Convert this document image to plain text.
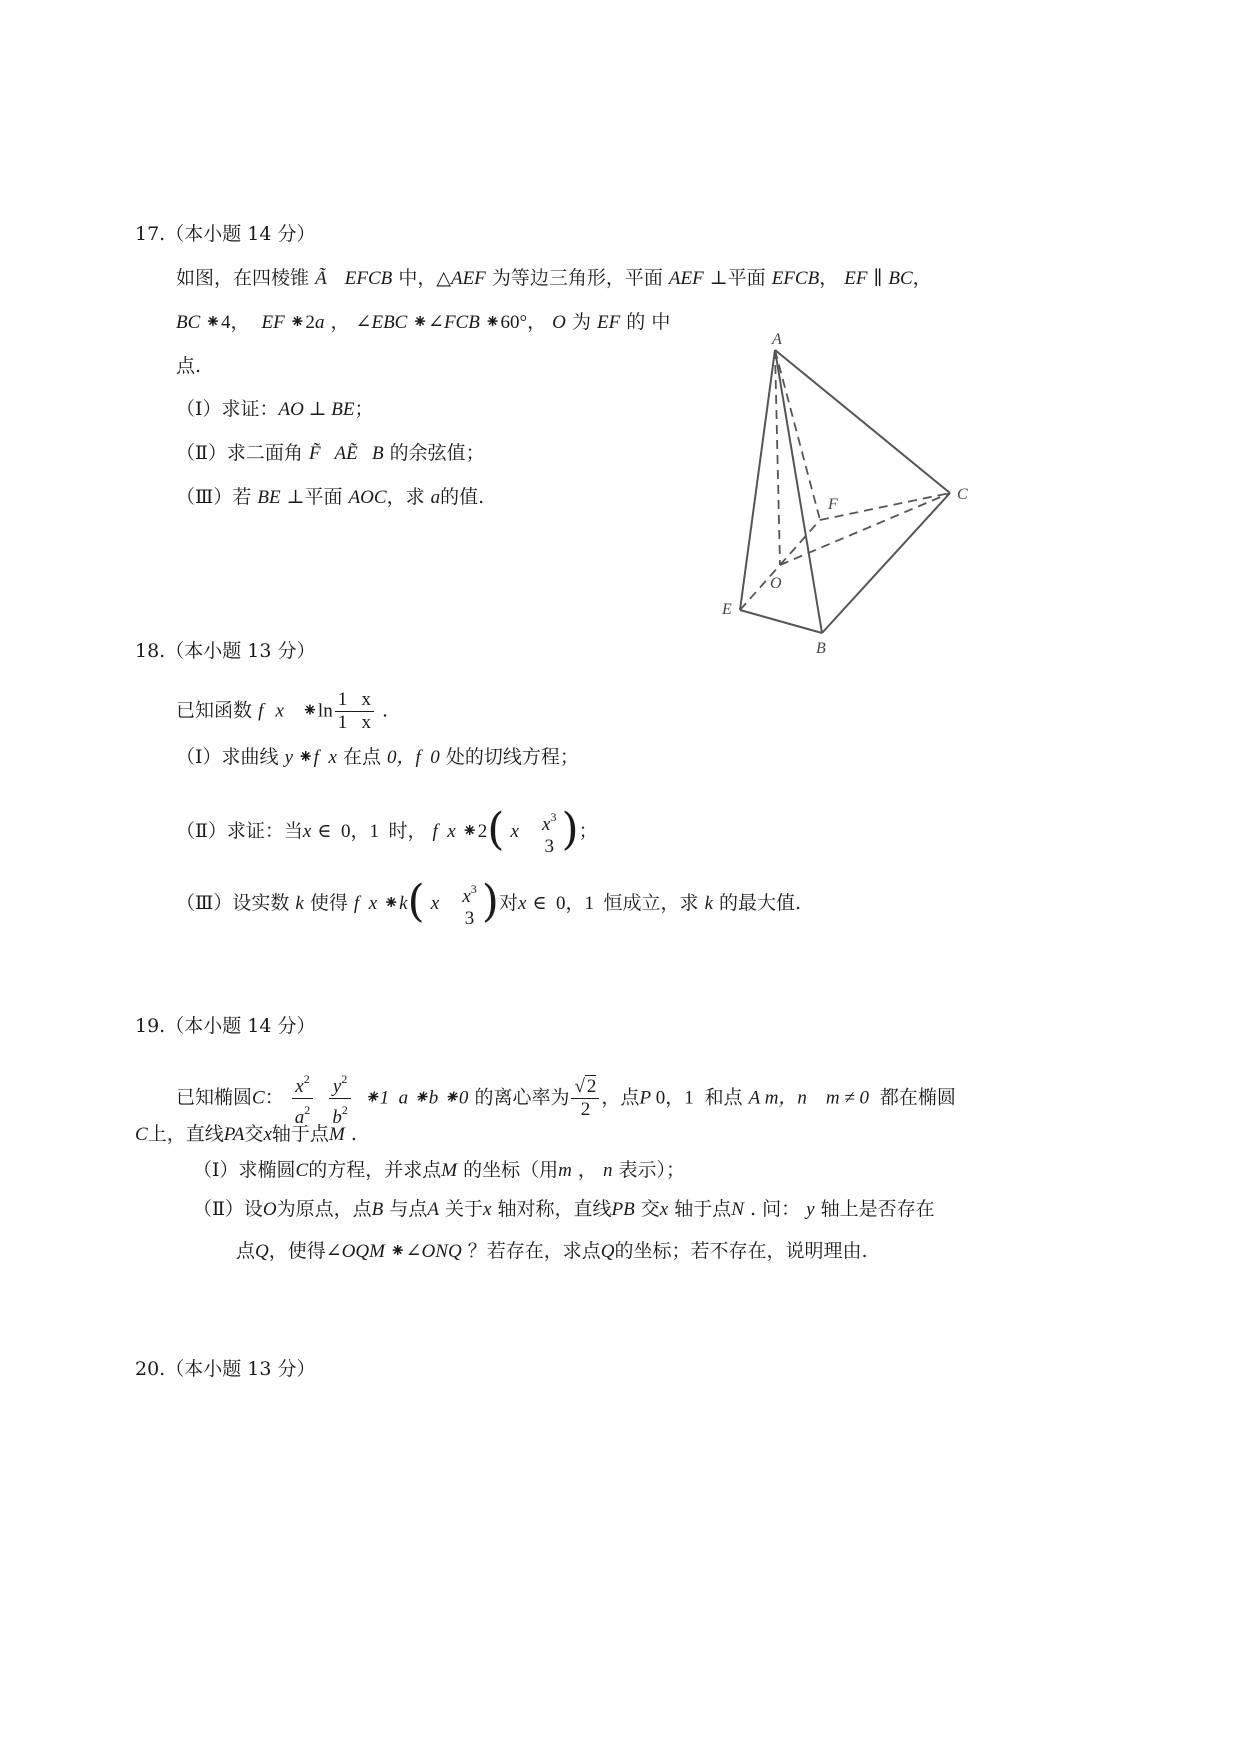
17.（本小题 14 分）
如图，在四棱锥 Ã EFCB 中，△AEF 为等边三角形，平面 AEF ⊥平面 EFCB， EF ∥ BC，
BC ⁕4， EF ⁕2a ， ∠EBC ⁕∠FCB ⁕60°， O 为 EF 的 中
点.
（Ⅰ）求证：AO ⊥ BE；
（Ⅱ）求二面角 F̃   AẼ   B 的余弦值；
（Ⅲ）若 BE ⊥平面 AOC，求 a的值.
A
C
F
O
E
B
18.（本小题 13 分）
已知函数 f x ⁕ln $\frac{1 x}{1 x}$ .
（Ⅰ）求曲线 y ⁕f  x 在点 0，f  0 处的切线方程；
（Ⅱ）求证：当x ∈  0，1  时， f  x ⁕2( x $x^3$
3 )；
（Ⅲ）设实数 k 使得 f  x ⁕k( x $x^3$
3 )对x ∈  0，1  恒成立，求 k 的最大值.
19.（本小题 14 分）
已知椭圆C： $\frac{x^2}{a^2}$
$\frac{y^2}{b^2}$ ⁕1  a ⁕b ⁕0 的离心率为 $\frac{√ 2}{2}$ ，点P 0，1  和点 A m，n    m ≠ 0  都在椭圆
C上，直线PA交x轴于点M .
（Ⅰ）求椭圆C的方程，并求点M 的坐标（用m ， n 表示）；
（Ⅱ）设O为原点，点B 与点A 关于x 轴对称，直线PB 交x 轴于点N . 问： y 轴上是否存在
点Q，使得∠OQM ⁕∠ONQ ？若存在，求点Q的坐标；若不存在，说明理由.
20.（本小题 13 分）
